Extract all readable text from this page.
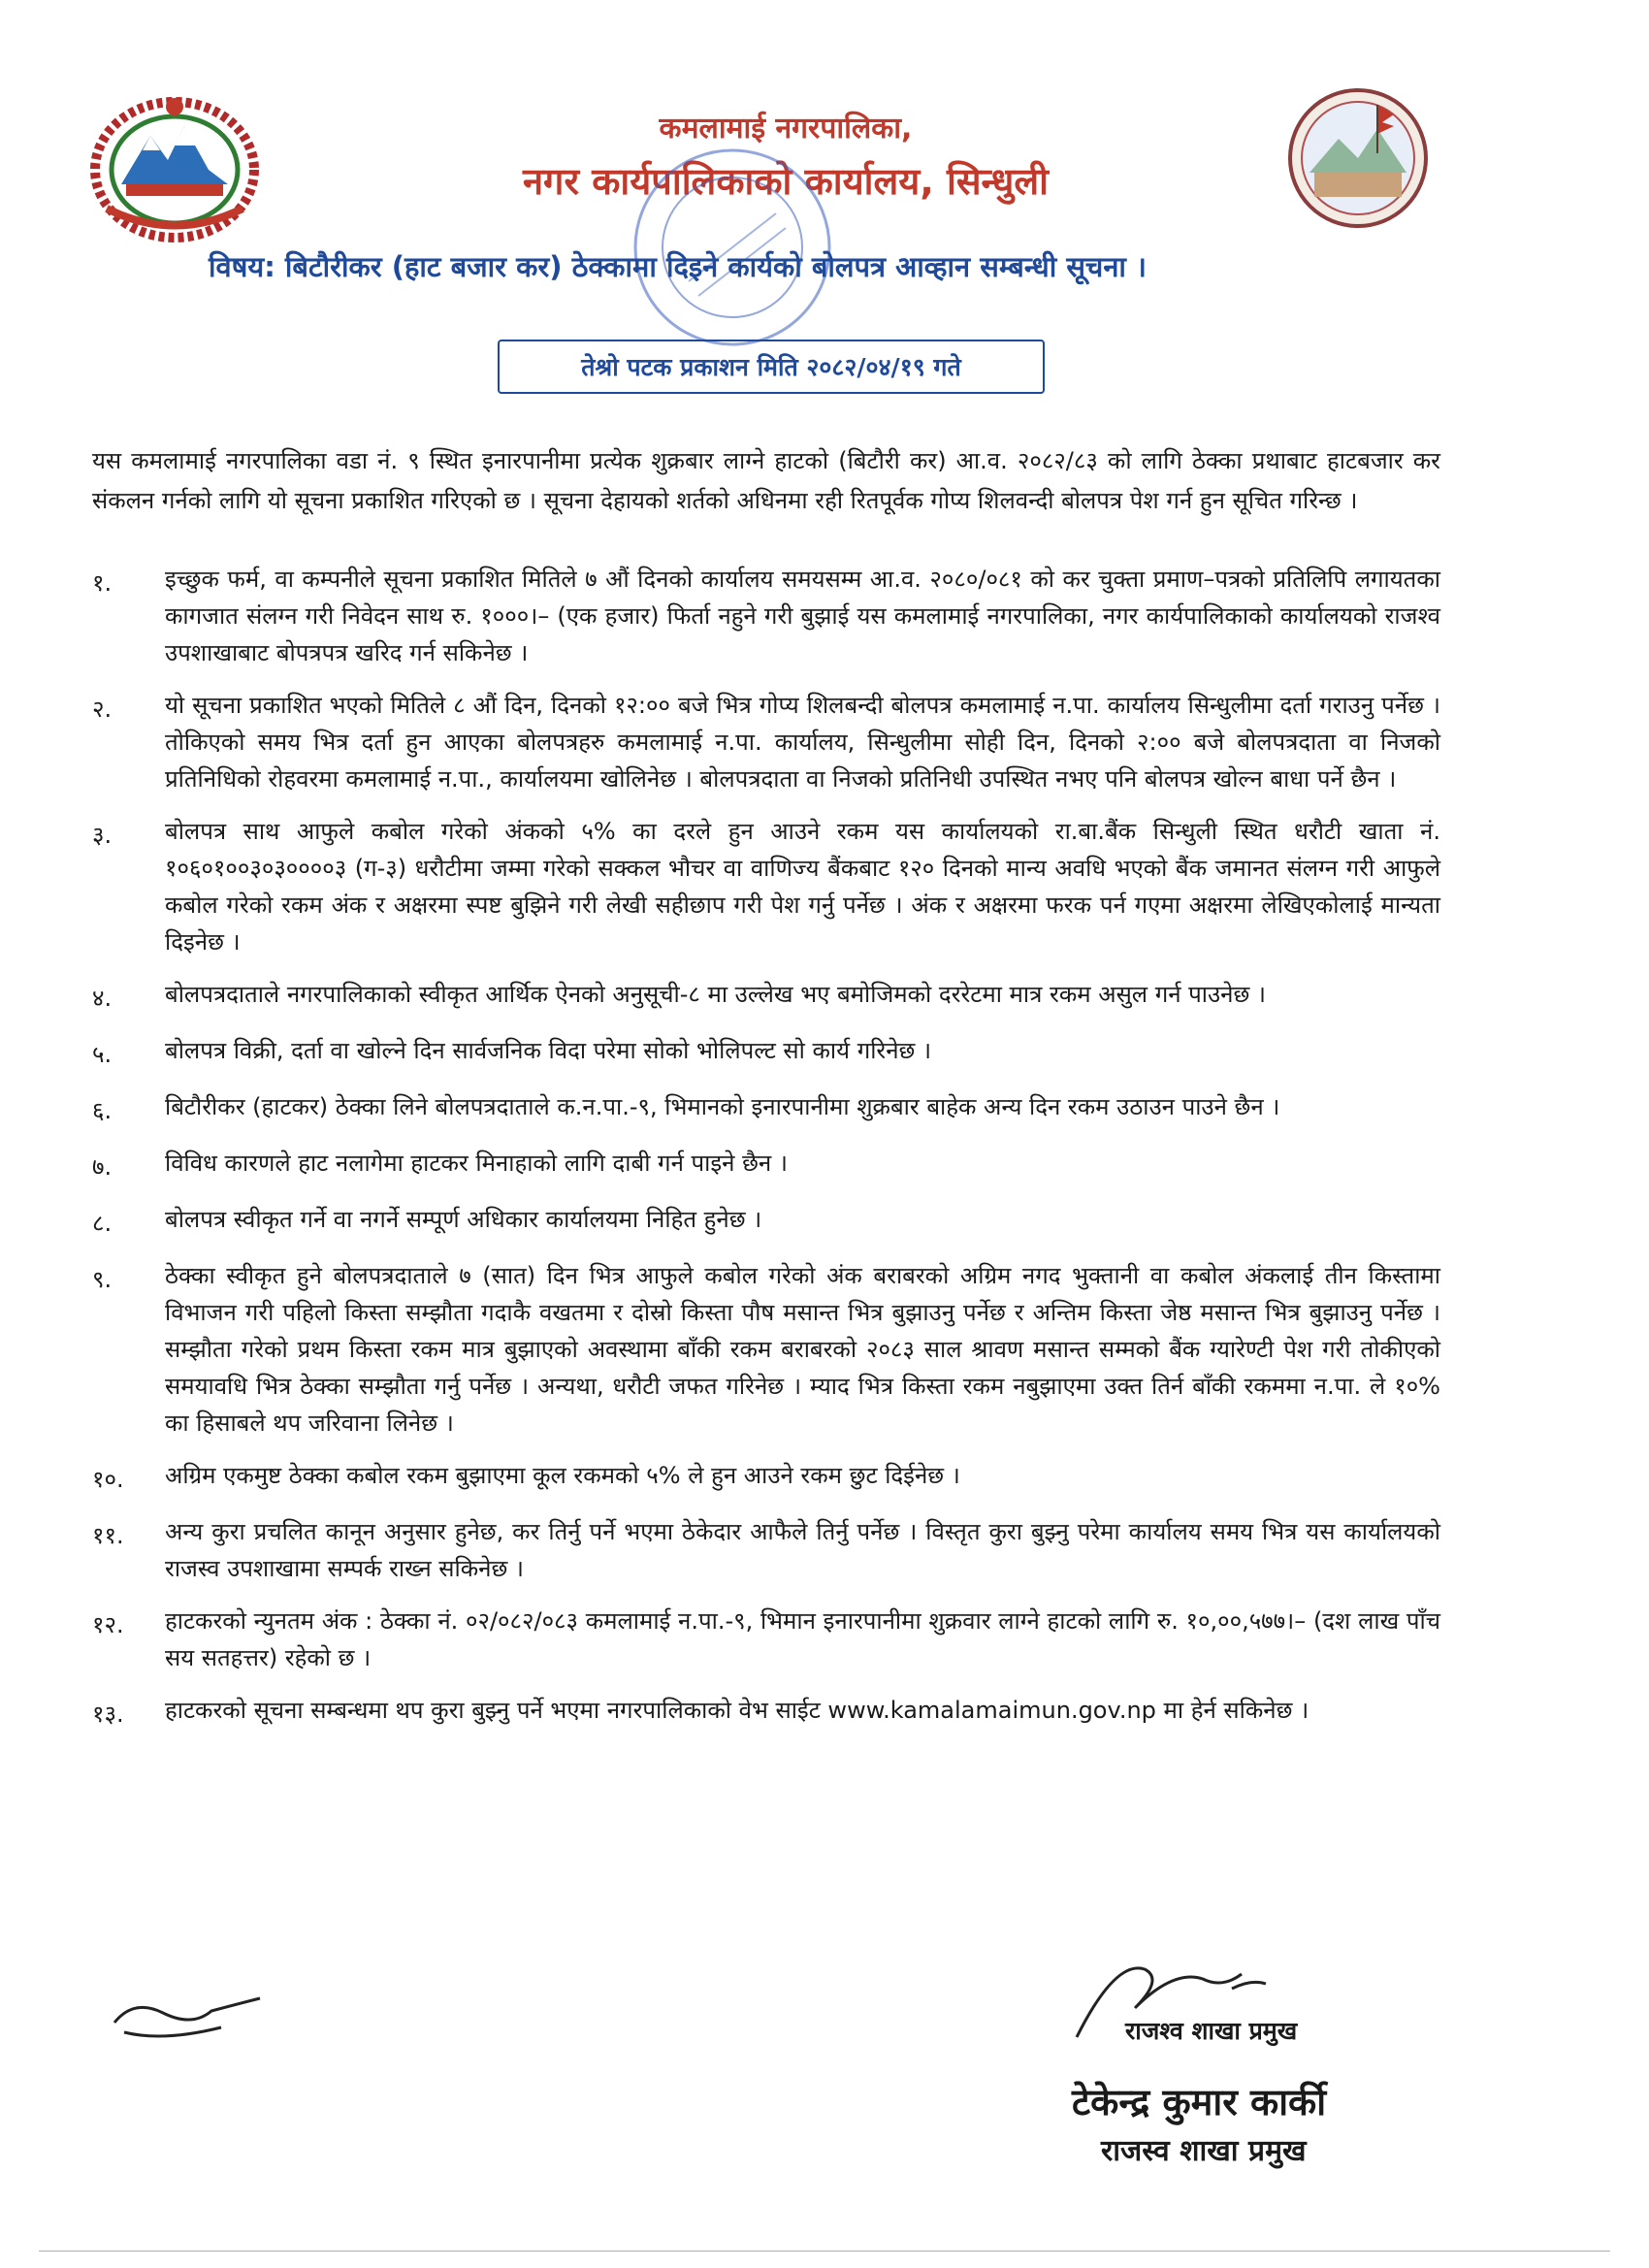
कमलामाई नगरपालिका,
नगर कार्यपालिकाको कार्यालय, सिन्धुली
विषय: बिटौरीकर (हाट बजार कर) ठेक्कामा दिइने कार्यको बोलपत्र आव्हान सम्बन्धी सूचना ।
तेश्रो पटक प्रकाशन मिति २०८२/०४/१९ गते
यस कमलामाई नगरपालिका वडा नं. ९ स्थित इनारपानीमा प्रत्येक शुक्रबार लाग्ने हाटको (बिटौरी कर) आ.व. २०८२/८३ को लागि ठेक्का प्रथाबाट हाटबजार कर संकलन गर्नको लागि यो सूचना प्रकाशित गरिएको छ । सूचना देहायको शर्तको अधिनमा रही रितपूर्वक गोप्य शिलवन्दी बोलपत्र पेश गर्न हुन सूचित गरिन्छ ।
१.	इच्छुक फर्म, वा कम्पनीले सूचना प्रकाशित मितिले ७ औं दिनको कार्यालय समयसम्म आ.व. २०८०/०८१ को कर चुक्ता प्रमाण–पत्रको प्रतिलिपि लगायतका कागजात संलग्न गरी निवेदन साथ रु. १०००।– (एक हजार) फिर्ता नहुने गरी बुझाई यस कमलामाई नगरपालिका, नगर कार्यपालिकाको कार्यालयको राजश्व उपशाखाबाट बोपत्रपत्र खरिद गर्न सकिनेछ ।
२.	यो सूचना प्रकाशित भएको मितिले ८ औं दिन, दिनको १२:०० बजे भित्र गोप्य शिलबन्दी बोलपत्र कमलामाई न.पा. कार्यालय सिन्धुलीमा दर्ता गराउनु पर्नेछ । तोकिएको समय भित्र दर्ता हुन आएका बोलपत्रहरु कमलामाई न.पा. कार्यालय, सिन्धुलीमा सोही दिन, दिनको २:०० बजे बोलपत्रदाता वा निजको प्रतिनिधिको रोहवरमा कमलामाई न.पा., कार्यालयमा खोलिनेछ । बोलपत्रदाता वा निजको प्रतिनिधी उपस्थित नभए पनि बोलपत्र खोल्न बाधा पर्ने छैन ।
३.	बोलपत्र साथ आफुले कबोल गरेको अंकको ५% का दरले हुन आउने रकम यस कार्यालयको रा.बा.बैंक सिन्धुली स्थित धरौटी खाता नं. १०६०१००३०३००००३ (ग-३) धरौटीमा जम्मा गरेको सक्कल भौचर वा वाणिज्य बैंकबाट १२० दिनको मान्य अवधि भएको बैंक जमानत संलग्न गरी आफुले कबोल गरेको रकम अंक र अक्षरमा स्पष्ट बुझिने गरी लेखी सहीछाप गरी पेश गर्नु पर्नेछ । अंक र अक्षरमा फरक पर्न गएमा अक्षरमा लेखिएकोलाई मान्यता दिइनेछ ।
४.	बोलपत्रदाताले नगरपालिकाको स्वीकृत आर्थिक ऐनको अनुसूची-८ मा उल्लेख भए बमोजिमको दररेटमा मात्र रकम असुल गर्न पाउनेछ ।
५.	बोलपत्र विक्री, दर्ता वा खोल्ने दिन सार्वजनिक विदा परेमा सोको भोलिपल्ट सो कार्य गरिनेछ ।
६.	बिटौरीकर (हाटकर) ठेक्का लिने बोलपत्रदाताले क.न.पा.-९, भिमानको इनारपानीमा शुक्रबार बाहेक अन्य दिन रकम उठाउन पाउने छैन ।
७.	विविध कारणले हाट नलागेमा हाटकर मिनाहाको लागि दाबी गर्न पाइने छैन ।
८.	बोलपत्र स्वीकृत गर्ने वा नगर्ने सम्पूर्ण अधिकार कार्यालयमा निहित हुनेछ ।
९.	ठेक्का स्वीकृत हुने बोलपत्रदाताले ७ (सात) दिन भित्र आफुले कबोल गरेको अंक बराबरको अग्रिम नगद भुक्तानी वा कबोल अंकलाई तीन किस्तामा विभाजन गरी पहिलो किस्ता सम्झौता गदाकै वखतमा र दोस्रो किस्ता पौष मसान्त भित्र बुझाउनु पर्नेछ र अन्तिम किस्ता जेष्ठ मसान्त भित्र बुझाउनु पर्नेछ । सम्झौता गरेको प्रथम किस्ता रकम मात्र बुझाएको अवस्थामा बाँकी रकम बराबरको २०८३ साल श्रावण मसान्त सम्मको बैंक ग्यारेण्टी पेश गरी तोकीएको समयावधि भित्र ठेक्का सम्झौता गर्नु पर्नेछ । अन्यथा, धरौटी जफत गरिनेछ । म्याद भित्र किस्ता रकम नबुझाएमा उक्त तिर्न बाँकी रकममा न.पा. ले १०% का हिसाबले थप जरिवाना लिनेछ ।
१०.	अग्रिम एकमुष्ट ठेक्का कबोल रकम बुझाएमा कूल रकमको ५% ले हुन आउने रकम छुट दिईनेछ ।
११.	अन्य कुरा प्रचलित कानून अनुसार हुनेछ, कर तिर्नु पर्ने भएमा ठेकेदार आफैले तिर्नु पर्नेछ । विस्तृत कुरा बुझ्नु परेमा कार्यालय समय भित्र यस कार्यालयको राजस्व उपशाखामा सम्पर्क राख्न सकिनेछ ।
१२.	हाटकरको न्युनतम अंक : ठेक्का नं. ०२/०८२/०८३ कमलामाई न.पा.-९, भिमान इनारपानीमा शुक्रवार लाग्ने हाटको लागि रु. १०,००,५७७।– (दश लाख पाँच सय सतहत्तर) रहेको छ ।
१३.	हाटकरको सूचना सम्बन्धमा थप कुरा बुझ्नु पर्ने भएमा नगरपालिकाको वेभ साईट www.kamalamaimun.gov.np मा हेर्न सकिनेछ ।
राजश्व शाखा प्रमुख
टेकेन्द्र कुमार कार्की
राजस्व शाखा प्रमुख
